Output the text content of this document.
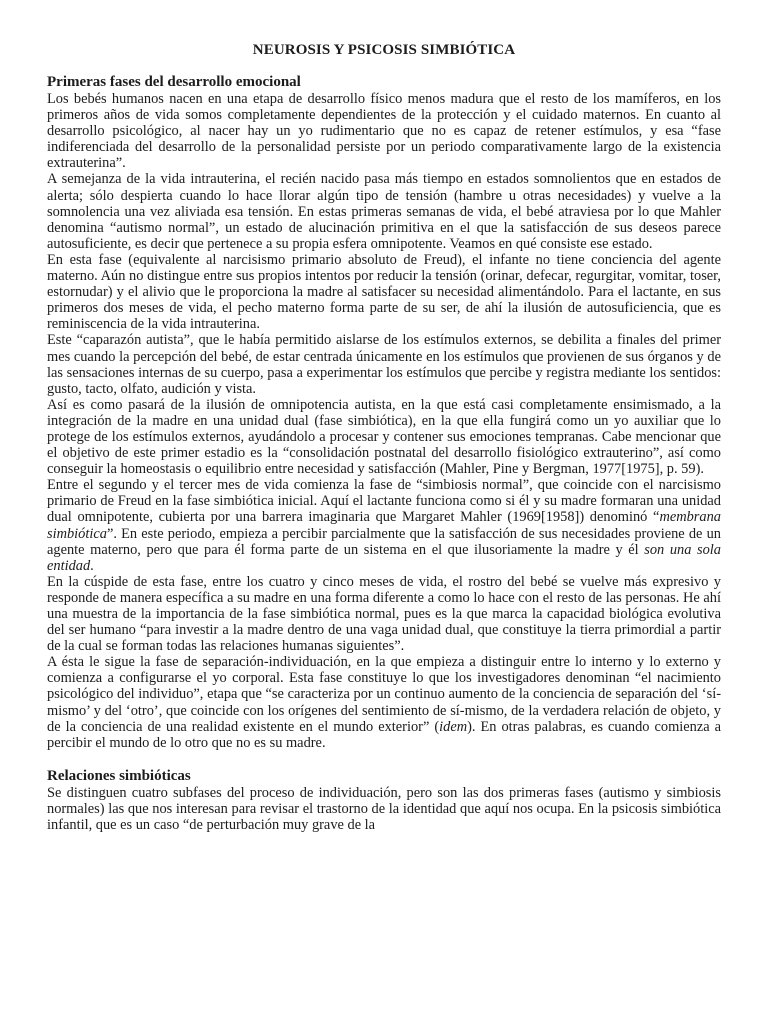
NEUROSIS Y PSICOSIS SIMBIÓTICA
Primeras fases del desarrollo emocional

Los bebés humanos nacen en una etapa de desarrollo físico menos madura que el resto de los mamíferos, en los primeros años de vida somos completamente dependientes de la protección y el cuidado maternos. En cuanto al desarrollo psicológico, al nacer hay un yo rudimentario que no es capaz de retener estímulos, y esa “fase indiferenciada del desarrollo de la personalidad persiste por un periodo comparativamente largo de la existencia extrauterina”.

A semejanza de la vida intrauterina, el recién nacido pasa más tiempo en estados somnolientos que en estados de alerta; sólo despierta cuando lo hace llorar algún tipo de tensión (hambre u otras necesidades) y vuelve a la somnolencia una vez aliviada esa tensión. En estas primeras semanas de vida, el bebé atraviesa por lo que Mahler denomina “autismo normal”, un estado de alucinación primitiva en el que la satisfacción de sus deseos parece autosuficiente, es decir que pertenece a su propia esfera omnipotente. Veamos en qué consiste ese estado.

En esta fase (equivalente al narcisismo primario absoluto de Freud), el infante no tiene conciencia del agente materno. Aún no distingue entre sus propios intentos por reducir la tensión (orinar, defecar, regurgitar, vomitar, toser, estornudar) y el alivio que le proporciona la madre al satisfacer su necesidad alimentándolo. Para el lactante, en sus primeros dos meses de vida, el pecho materno forma parte de su ser, de ahí la ilusión de autosuficiencia, que es reminiscencia de la vida intrauterina.

Este “caparazón autista”, que le había permitido aislarse de los estímulos externos, se debilita a finales del primer mes cuando la percepción del bebé, de estar centrada únicamente en los estímulos que provienen de sus órganos y de las sensaciones internas de su cuerpo, pasa a experimentar los estímulos que percibe y registra mediante los sentidos: gusto, tacto, olfato, audición y vista.

Así es como pasará de la ilusión de omnipotencia autista, en la que está casi completamente ensimismado, a la integración de la madre en una unidad dual (fase simbiótica), en la que ella fungirá como un yo auxiliar que lo protege de los estímulos externos, ayudándolo a procesar y contener sus emociones tempranas. Cabe mencionar que el objetivo de este primer estadio es la “consolidación postnatal del desarrollo fisiológico extrauterino”, así como conseguir la homeostasis o equilibrio entre necesidad y satisfacción (Mahler, Pine y Bergman, 1977[1975], p. 59).

Entre el segundo y el tercer mes de vida comienza la fase de “simbiosis normal”, que coincide con el narcisismo primario de Freud en la fase simbiótica inicial. Aquí el lactante funciona como si él y su madre formaran una unidad dual omnipotente, cubierta por una barrera imaginaria que Margaret Mahler (1969[1958]) denominó “membrana simbiótica”. En este periodo, empieza a percibir parcialmente que la satisfacción de sus necesidades proviene de un agente materno, pero que para él forma parte de un sistema en el que ilusoriamente la madre y él son una sola entidad.

En la cúspide de esta fase, entre los cuatro y cinco meses de vida, el rostro del bebé se vuelve más expresivo y responde de manera específica a su madre en una forma diferente a como lo hace con el resto de las personas. He ahí una muestra de la importancia de la fase simbiótica normal, pues es la que marca la capacidad biológica evolutiva del ser humano “para investir a la madre dentro de una vaga unidad dual, que constituye la tierra primordial a partir de la cual se forman todas las relaciones humanas siguientes”.

A ésta le sigue la fase de separación-individuación, en la que empieza a distinguir entre lo interno y lo externo y comienza a configurarse el yo corporal. Esta fase constituye lo que los investigadores denominan “el nacimiento psicológico del individuo”, etapa que “se caracteriza por un continuo aumento de la conciencia de separación del ‘sí-mismo’ y del ‘otro’, que coincide con los orígenes del sentimiento de sí-mismo, de la verdadera relación de objeto, y de la conciencia de una realidad existente en el mundo exterior” (idem). En otras palabras, es cuando comienza a percibir el mundo de lo otro que no es su madre.

Relaciones simbióticas

Se distinguen cuatro subfases del proceso de individuación, pero son las dos primeras fases (autismo y simbiosis normales) las que nos interesan para revisar el trastorno de la identidad que aquí nos ocupa. En la psicosis simbiótica infantil, que es un caso “de perturbación muy grave de la
